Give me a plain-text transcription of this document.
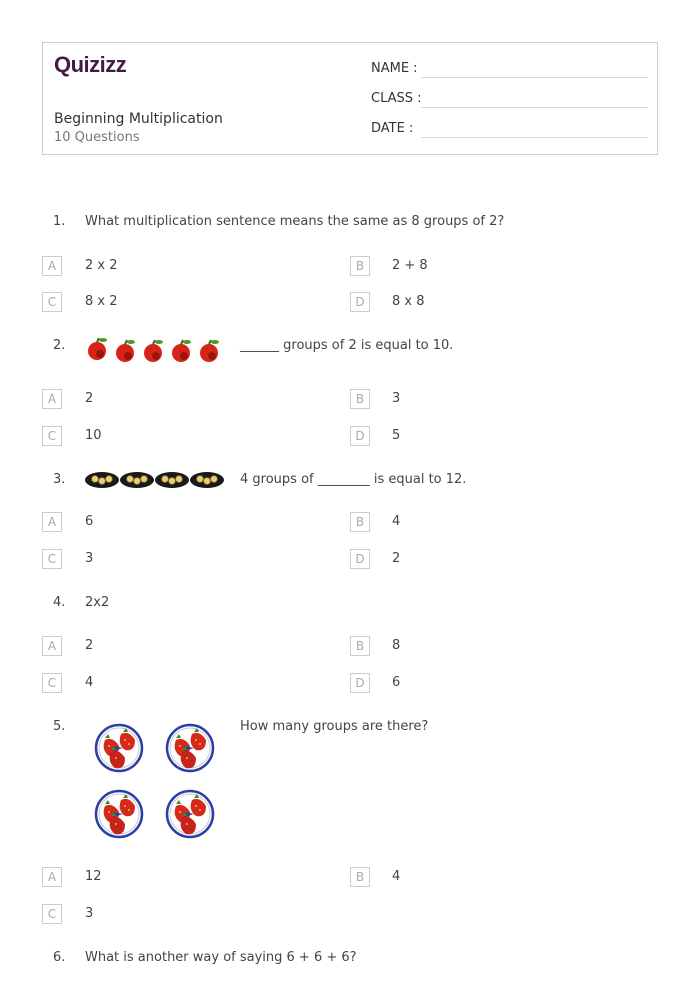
Quizizz
Beginning Multiplication
10 Questions
NAME :
CLASS :
DATE :
1. What multiplication sentence means the same as 8 groups of 2?
A	2 x 2	B	2 + 8
C	8 x 2	D	8 x 8
2.	______ groups of 2 is equal to 10.
A	2	B	3
C	10	D	5
3.	4 groups of ________ is equal to 12.
A	6	B	4
C	3	D	2
4. 2x2
A	2	B	8
C	4	D	6
5.	How many groups are there?
A	12	B	4
C	3
6. What is another way of saying 6 + 6 + 6?
